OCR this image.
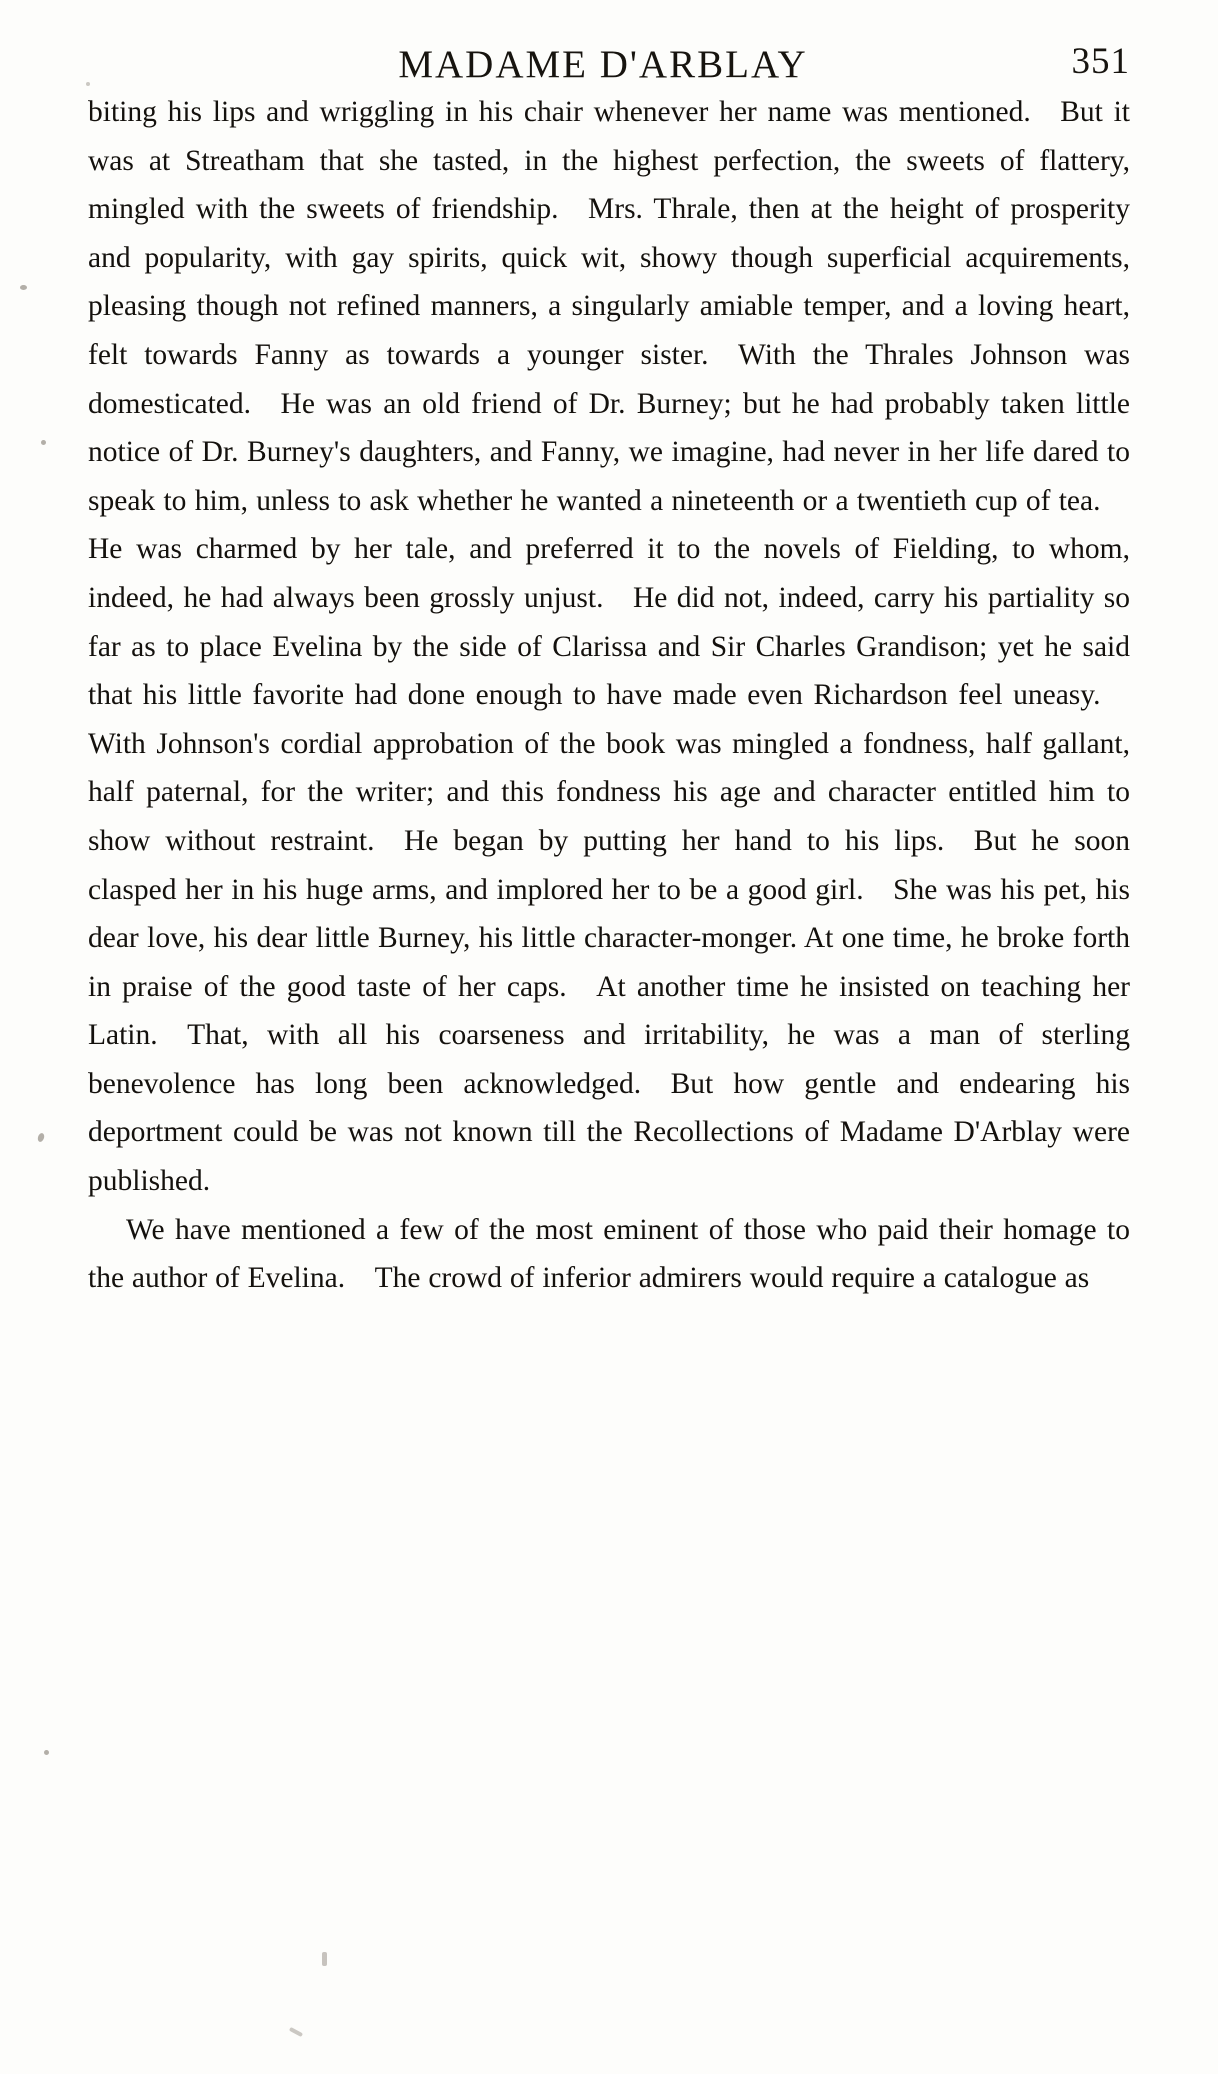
MADAME D'ARBLAY	351

biting his lips and wriggling in his chair whenever her name was mentioned. But it was at Streatham that she tasted, in the highest perfection, the sweets of flattery, mingled with the sweets of friendship. Mrs. Thrale, then at the height of prosperity and popularity, with gay spirits, quick wit, showy though superficial acquirements, pleasing though not refined manners, a singularly amiable temper, and a loving heart, felt towards Fanny as towards a younger sister. With the Thrales Johnson was domesticated. He was an old friend of Dr. Burney; but he had probably taken little notice of Dr. Burney's daughters, and Fanny, we imagine, had never in her life dared to speak to him, unless to ask whether he wanted a nineteenth or a twentieth cup of tea. He was charmed by her tale, and preferred it to the novels of Fielding, to whom, indeed, he had always been grossly unjust. He did not, indeed, carry his partiality so far as to place Evelina by the side of Clarissa and Sir Charles Grandison; yet he said that his little favorite had done enough to have made even Richardson feel uneasy. With Johnson's cordial approbation of the book was mingled a fondness, half gallant, half paternal, for the writer; and this fondness his age and character entitled him to show without restraint. He began by putting her hand to his lips. But he soon clasped her in his huge arms, and implored her to be a good girl. She was his pet, his dear love, his dear little Burney, his little character-monger. At one time, he broke forth in praise of the good taste of her caps. At another time he insisted on teaching her Latin. That, with all his coarseness and irritability, he was a man of sterling benevolence has long been acknowledged. But how gentle and endearing his deportment could be was not known till the Recollections of Madame D'Arblay were published.

We have mentioned a few of the most eminent of those who paid their homage to the author of Evelina. The crowd of inferior admirers would require a catalogue as
